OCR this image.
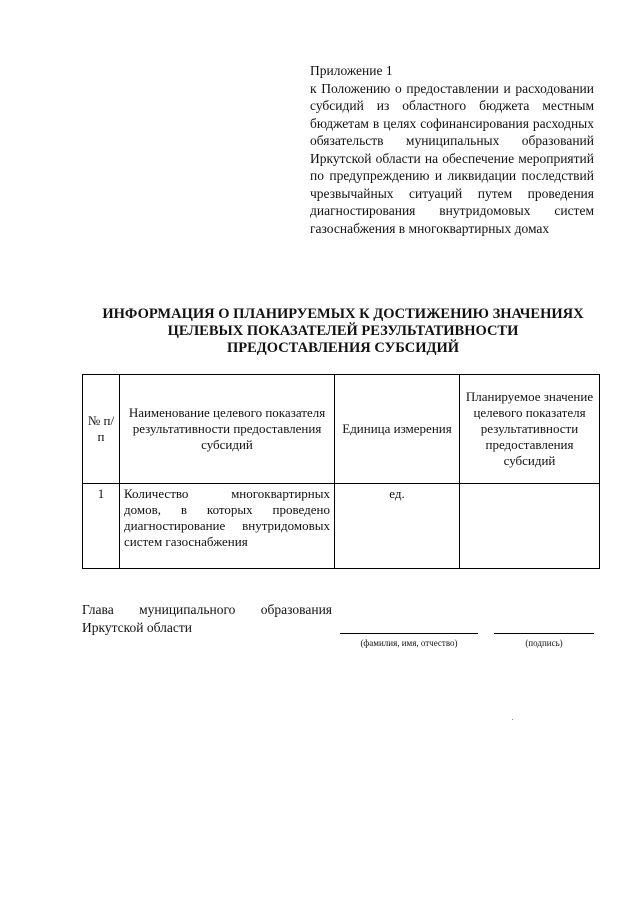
Приложение 1
к Положению о предоставлении и расходовании субсидий из областного бюджета местным бюджетам в целях софинансирования расходных обязательств муниципальных образований Иркутской области на обеспечение мероприятий по предупреждению и ликвидации последствий чрезвычайных ситуаций путем проведения диагностирования внутридомовых систем газоснабжения в многоквартирных домах
ИНФОРМАЦИЯ О ПЛАНИРУЕМЫХ К ДОСТИЖЕНИЮ ЗНАЧЕНИЯХ
ЦЕЛЕВЫХ ПОКАЗАТЕЛЕЙ РЕЗУЛЬТАТИВНОСТИ
ПРЕДОСТАВЛЕНИЯ СУБСИДИЙ
№ п/п	Наименование целевого показателя результативности предоставления субсидий	Единица измерения	Планируемое значение целевого показателя результативности предоставления субсидий
1	Количество многоквартирных домов, в которых проведено диагностирование внутридомовых систем газоснабжения	ед.	
Глава муниципального образования Иркутской области
(фамилия, имя, отчество)	(подпись)
